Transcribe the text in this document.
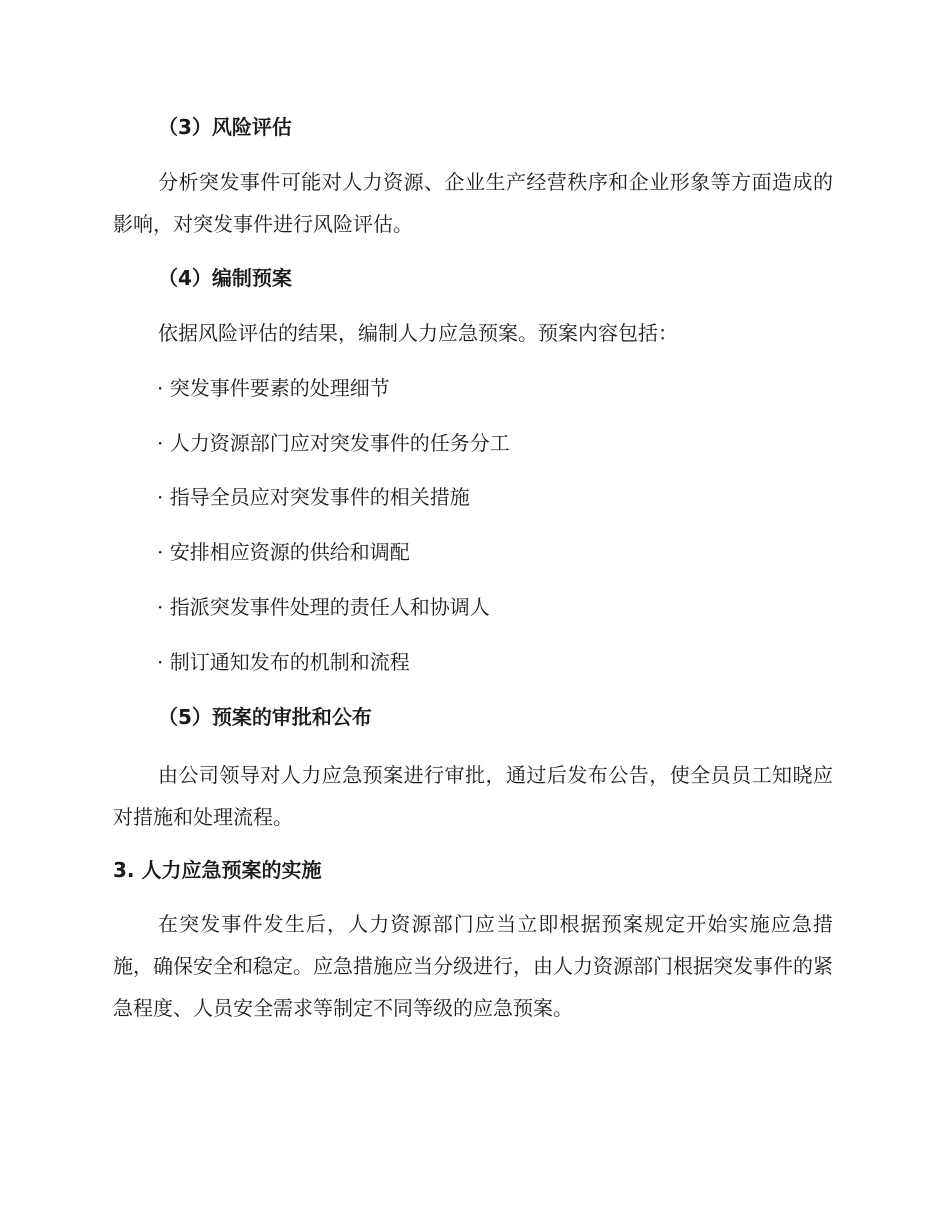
（3）风险评估

分析突发事件可能对人力资源、企业生产经营秩序和企业形象等方面造成的影响，对突发事件进行风险评估。

（4）编制预案

依据风险评估的结果，编制人力应急预案。预案内容包括：

· 突发事件要素的处理细节

· 人力资源部门应对突发事件的任务分工

· 指导全员应对突发事件的相关措施

· 安排相应资源的供给和调配

· 指派突发事件处理的责任人和协调人

· 制订通知发布的机制和流程

（5）预案的审批和公布

由公司领导对人力应急预案进行审批，通过后发布公告，使全员员工知晓应对措施和处理流程。

3. 人力应急预案的实施

在突发事件发生后，人力资源部门应当立即根据预案规定开始实施应急措施，确保安全和稳定。应急措施应当分级进行，由人力资源部门根据突发事件的紧急程度、人员安全需求等制定不同等级的应急预案。
